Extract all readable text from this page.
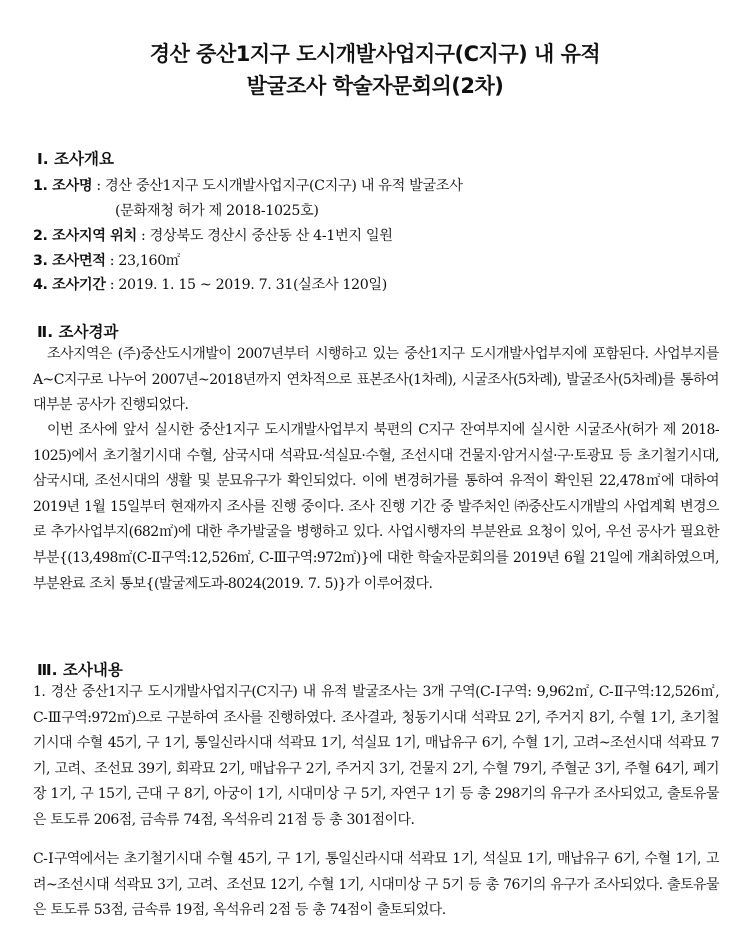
경산 중산1지구 도시개발사업지구(C지구) 내 유적
발굴조사 학술자문회의(2차)
Ⅰ. 조사개요
1. 조사명 : 경산 중산1지구 도시개발사업지구(C지구) 내 유적 발굴조사
(문화재청 허가 제 2018-1025호)
2. 조사지역 위치 : 경상북도 경산시 중산동 산 4-1번지 일원
3. 조사면적 : 23,160㎡
4. 조사기간 : 2019. 1. 15 ~ 2019. 7. 31(실조사 120일)
Ⅱ. 조사경과
조사지역은 (주)중산도시개발이 2007년부터 시행하고 있는 중산1지구 도시개발사업부지에 포함된다. 사업부지를 A~C지구로 나누어 2007년~2018년까지 연차적으로 표본조사(1차례), 시굴조사(5차례), 발굴조사(5차례)를 통하여 대부분 공사가 진행되었다.
이번 조사에 앞서 실시한 중산1지구 도시개발사업부지 북편의 C지구 잔여부지에 실시한 시굴조사(허가 제 2018-1025)에서 초기철기시대 수혈, 삼국시대 석곽묘·석실묘·수혈, 조선시대 건물지·암거시설·구·토광묘 등 초기철기시대, 삼국시대, 조선시대의 생활 및 분묘유구가 확인되었다. 이에 변경허가를 통하여 유적이 확인된 22,478㎡에 대하여 2019년 1월 15일부터 현재까지 조사를 진행 중이다. 조사 진행 기간 중 발주처인 ㈜중산도시개발의 사업계획 변경으로 추가사업부지(682㎡)에 대한 추가발굴을 병행하고 있다. 사업시행자의 부분완료 요청이 있어, 우선 공사가 필요한 부분{(13,498㎡(C-Ⅱ구역:12,526㎡, C-Ⅲ구역:972㎡)}에 대한 학술자문회의를 2019년 6월 21일에 개최하였으며, 부분완료 조치 통보{(발굴제도과-8024(2019. 7. 5)}가 이루어졌다.
Ⅲ. 조사내용
1. 경산 중산1지구 도시개발사업지구(C지구) 내 유적 발굴조사는 3개 구역(C-Ⅰ구역: 9,962㎡, C-Ⅱ구역:12,526㎡, C-Ⅲ구역:972㎡)으로 구분하여 조사를 진행하였다. 조사결과, 청동기시대 석곽묘 2기, 주거지 8기, 수혈 1기, 초기철기시대 수혈 45기, 구 1기, 통일신라시대 석곽묘 1기, 석실묘 1기, 매납유구 6기, 수혈 1기, 고려~조선시대 석곽묘 7기, 고려、조선묘 39기, 회곽묘 2기, 매납유구 2기, 주거지 3기, 건물지 2기, 수혈 79기, 주혈군 3기, 주혈 64기, 폐기장 1기, 구 15기, 근대 구 8기, 아궁이 1기, 시대미상 구 5기, 자연구 1기 등 총 298기의 유구가 조사되었고, 출토유물은 토도류 206점, 금속류 74점, 옥석유리 21점 등 총 301점이다.
C-Ⅰ구역에서는 초기철기시대 수혈 45기, 구 1기, 통일신라시대 석곽묘 1기, 석실묘 1기, 매납유구 6기, 수혈 1기, 고려~조선시대 석곽묘 3기, 고려、조선묘 12기, 수혈 1기, 시대미상 구 5기 등 총 76기의 유구가 조사되었다. 출토유물은 토도류 53점, 금속류 19점, 옥석유리 2점 등 총 74점이 출토되었다.
